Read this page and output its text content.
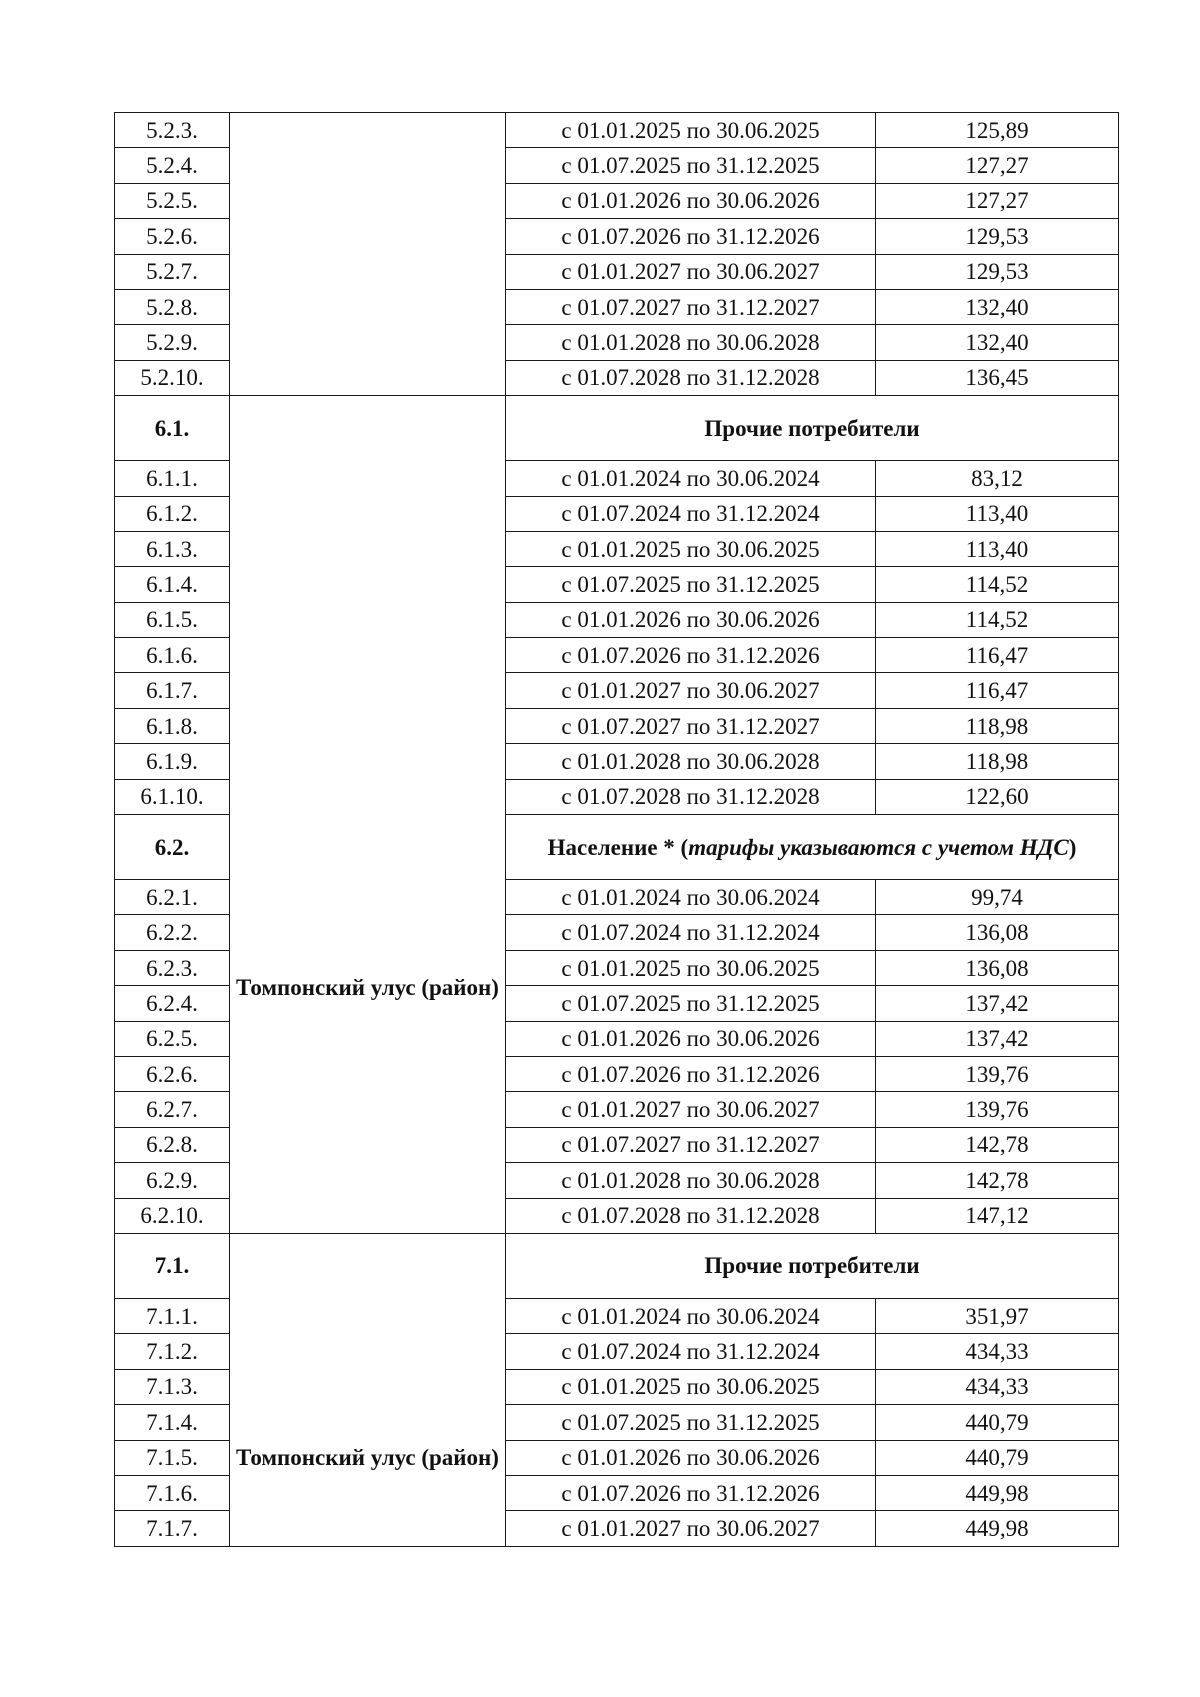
5.2.3.		с 01.01.2025 по 30.06.2025	125,89
5.2.4.		с 01.07.2025 по 31.12.2025	127,27
5.2.5.		с 01.01.2026 по 30.06.2026	127,27
5.2.6.		с 01.07.2026 по 31.12.2026	129,53
5.2.7.		с 01.01.2027 по 30.06.2027	129,53
5.2.8.		с 01.07.2027 по 31.12.2027	132,40
5.2.9.		с 01.01.2028 по 30.06.2028	132,40
5.2.10.		с 01.07.2028 по 31.12.2028	136,45
6.1.	Томпонский улус (район)	Прочие потребители	
6.1.1.		с 01.01.2024 по 30.06.2024	83,12
6.1.2.		с 01.07.2024 по 31.12.2024	113,40
6.1.3.		с 01.01.2025 по 30.06.2025	113,40
6.1.4.		с 01.07.2025 по 31.12.2025	114,52
6.1.5.		с 01.01.2026 по 30.06.2026	114,52
6.1.6.		с 01.07.2026 по 31.12.2026	116,47
6.1.7.		с 01.01.2027 по 30.06.2027	116,47
6.1.8.		с 01.07.2027 по 31.12.2027	118,98
6.1.9.		с 01.01.2028 по 30.06.2028	118,98
6.1.10.		с 01.07.2028 по 31.12.2028	122,60
6.2.		Население * (тарифы указываются с учетом НДС)	
6.2.1.		с 01.01.2024 по 30.06.2024	99,74
6.2.2.		с 01.07.2024 по 31.12.2024	136,08
6.2.3.		с 01.01.2025 по 30.06.2025	136,08
6.2.4.		с 01.07.2025 по 31.12.2025	137,42
6.2.5.		с 01.01.2026 по 30.06.2026	137,42
6.2.6.		с 01.07.2026 по 31.12.2026	139,76
6.2.7.		с 01.01.2027 по 30.06.2027	139,76
6.2.8.		с 01.07.2027 по 31.12.2027	142,78
6.2.9.		с 01.01.2028 по 30.06.2028	142,78
6.2.10.		с 01.07.2028 по 31.12.2028	147,12
7.1.	Томпонский улус (район)	Прочие потребители	
7.1.1.		с 01.01.2024 по 30.06.2024	351,97
7.1.2.		с 01.07.2024 по 31.12.2024	434,33
7.1.3.		с 01.01.2025 по 30.06.2025	434,33
7.1.4.		с 01.07.2025 по 31.12.2025	440,79
7.1.5.		с 01.01.2026 по 30.06.2026	440,79
7.1.6.		с 01.07.2026 по 31.12.2026	449,98
7.1.7.		с 01.01.2027 по 30.06.2027	449,98
